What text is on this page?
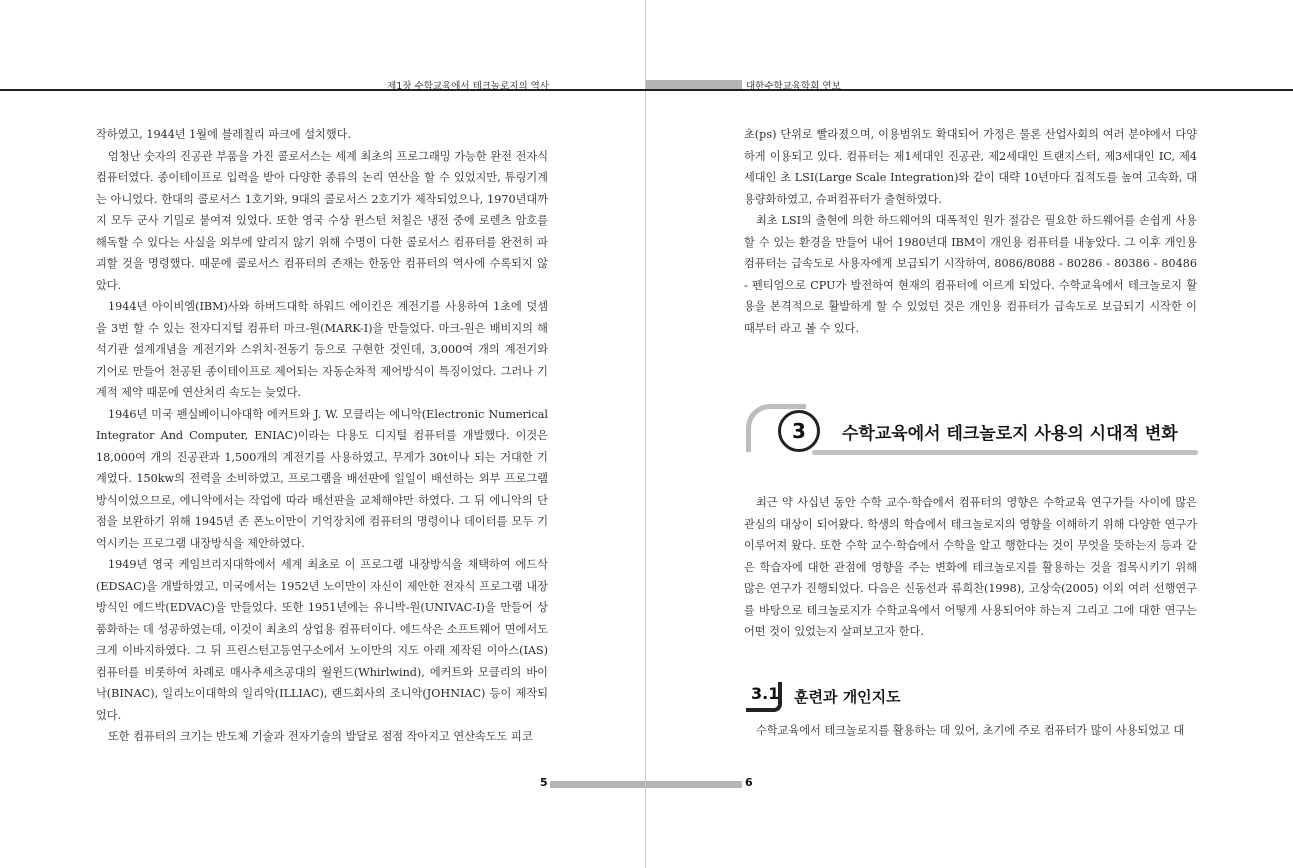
제1장 수학교육에서 테크놀로지의 역사	대한수학교육학회 연보

작하였고, 1944년 1월에 블레칠리 파크에 설치했다.

엄청난 숫자의 진공관 부품을 가진 콜로서스는 세계 최초의 프로그래밍 가능한 완전 전자식 컴퓨터였다. 종이테이프로 입력을 받아 다양한 종류의 논리 연산을 할 수 있었지만, 튜링기계는 아니었다. 한대의 콜로서스 1호기와, 9대의 콜로서스 2호기가 제작되었으나, 1970년대까지 모두 군사 기밀로 붙여져 있었다. 또한 영국 수상 윈스턴 처칠은 냉전 중에 로렌츠 암호를 해독할 수 있다는 사실을 외부에 알리지 않기 위해 수명이 다한 콜로서스 컴퓨터를 완전히 파괴할 것을 명령했다. 때문에 콜로서스 컴퓨터의 존재는 한동안 컴퓨터의 역사에 수록되지 않았다.

1944년 아이비엠(IBM)사와 하버드대학 하워드 에이킨은 계전기를 사용하여 1초에 덧셈을 3번 할 수 있는 전자디지털 컴퓨터 마크-원(MARK-I)을 만들었다. 마크-원은 배비지의 해석기관 설계개념을 계전기와 스위치·전동기 등으로 구현한 것인데, 3,000여 개의 계전기와 기어로 만들어 천공된 종이테이프로 제어되는 자동순차적 제어방식이 특징이었다. 그러나 기계적 제약 때문에 연산처리 속도는 늦었다.

1946년 미국 펜실베이니아대학 에커트와 J. W. 모클리는 에니악(Electronic Numerical Integrator And Computer, ENIAC)이라는 다용도 디지털 컴퓨터를 개발했다. 이것은 18,000여 개의 진공관과 1,500개의 계전기를 사용하였고, 무게가 30t이나 되는 거대한 기계였다. 150kw의 전력을 소비하였고, 프로그램을 배선판에 일일이 배선하는 외부 프로그램 방식이었으므로, 에니악에서는 작업에 따라 배선판을 교체해야만 하였다. 그 뒤 에니악의 단점을 보완하기 위해 1945년 존 폰노이만이 기억장치에 컴퓨터의 명령이나 데이터를 모두 기억시키는 프로그램 내장방식을 제안하였다.

1949년 영국 케임브리지대학에서 세계 최초로 이 프로그램 내장방식을 채택하여 에드삭(EDSAC)을 개발하였고, 미국에서는 1952년 노이만이 자신이 제안한 전자식 프로그램 내장방식인 에드박(EDVAC)을 만들었다. 또한 1951년에는 유니박-원(UNIVAC-I)을 만들어 상품화하는 데 성공하였는데, 이것이 최초의 상업용 컴퓨터이다. 에드삭은 소프트웨어 면에서도 크게 이바지하였다. 그 뒤 프린스턴고등연구소에서 노이만의 지도 아래 제작된 이아스(IAS) 컴퓨터를 비롯하여 차례로 매사추세츠공대의 월윈드(Whirlwind), 에커트와 모클리의 바이낙(BINAC), 일리노이대학의 일리악(ILLIAC), 랜드회사의 조니악(JOHNIAC) 등이 제작되었다.

또한 컴퓨터의 크기는 반도체 기술과 전자기술의 발달로 점점 작아지고 연산속도도 피코

초(ps) 단위로 빨라졌으며, 이용범위도 확대되어 가정은 물론 산업사회의 여러 분야에서 다양하게 이용되고 있다. 컴퓨터는 제1세대인 진공관, 제2세대인 트랜지스터, 제3세대인 IC, 제4세대인 초 LSI(Large Scale Integration)와 같이 대략 10년마다 집적도를 높여 고속화, 대용량화하였고, 슈퍼컴퓨터가 출현하였다.

최초 LSI의 출현에 의한 하드웨어의 대폭적인 원가 절감은 필요한 하드웨어를 손쉽게 사용할 수 있는 환경을 만들어 내어 1980년대 IBM이 개인용 컴퓨터를 내놓았다. 그 이후 개인용 컴퓨터는 급속도로 사용자에게 보급되기 시작하여, 8086/8088 - 80286 - 80386 - 80486 - 펜티엄으로 CPU가 발전하여 현재의 컴퓨터에 이르게 되었다. 수학교육에서 테크놀로지 활용을 본격적으로 활발하게 할 수 있었던 것은 개인용 컴퓨터가 급속도로 보급되기 시작한 이때부터 라고 볼 수 있다.

3	수학교육에서 테크놀로지 사용의 시대적 변화

최근 약 사십년 동안 수학 교수·학습에서 컴퓨터의 영향은 수학교육 연구가들 사이에 많은 관심의 대상이 되어왔다. 학생의 학습에서 테크놀로지의 영향을 이해하기 위해 다양한 연구가 이루어져 왔다. 또한 수학 교수·학습에서 수학을 알고 행한다는 것이 무엇을 뜻하는지 등과 같은 학습자에 대한 관점에 영향을 주는 변화에 테크놀로지를 활용하는 것을 접목시키기 위해 많은 연구가 진행되었다. 다음은 신동선과 류희찬(1998), 고상숙(2005) 이외 여러 선행연구를 바탕으로 테크놀로지가 수학교육에서 어떻게 사용되어야 하는지 그리고 그에 대한 연구는 어떤 것이 있었는지 살펴보고자 한다.

3.1 훈련과 개인지도

수학교육에서 테크놀로지를 활용하는 데 있어, 초기에 주로 컴퓨터가 많이 사용되었고 대

5	6
